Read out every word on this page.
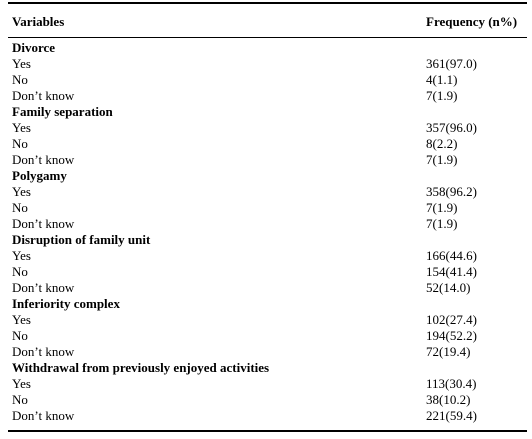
Variables	Frequency (n%)
Divorce
Yes	361(97.0)
No	4(1.1)
Don’t know	7(1.9)
Family separation
Yes	357(96.0)
No	8(2.2)
Don’t know	7(1.9)
Polygamy
Yes	358(96.2)
No	7(1.9)
Don’t know	7(1.9)
Disruption of family unit
Yes	166(44.6)
No	154(41.4)
Don’t know	52(14.0)
Inferiority complex
Yes	102(27.4)
No	194(52.2)
Don’t know	72(19.4)
Withdrawal from previously enjoyed activities
Yes	113(30.4)
No	38(10.2)
Don’t know	221(59.4)
